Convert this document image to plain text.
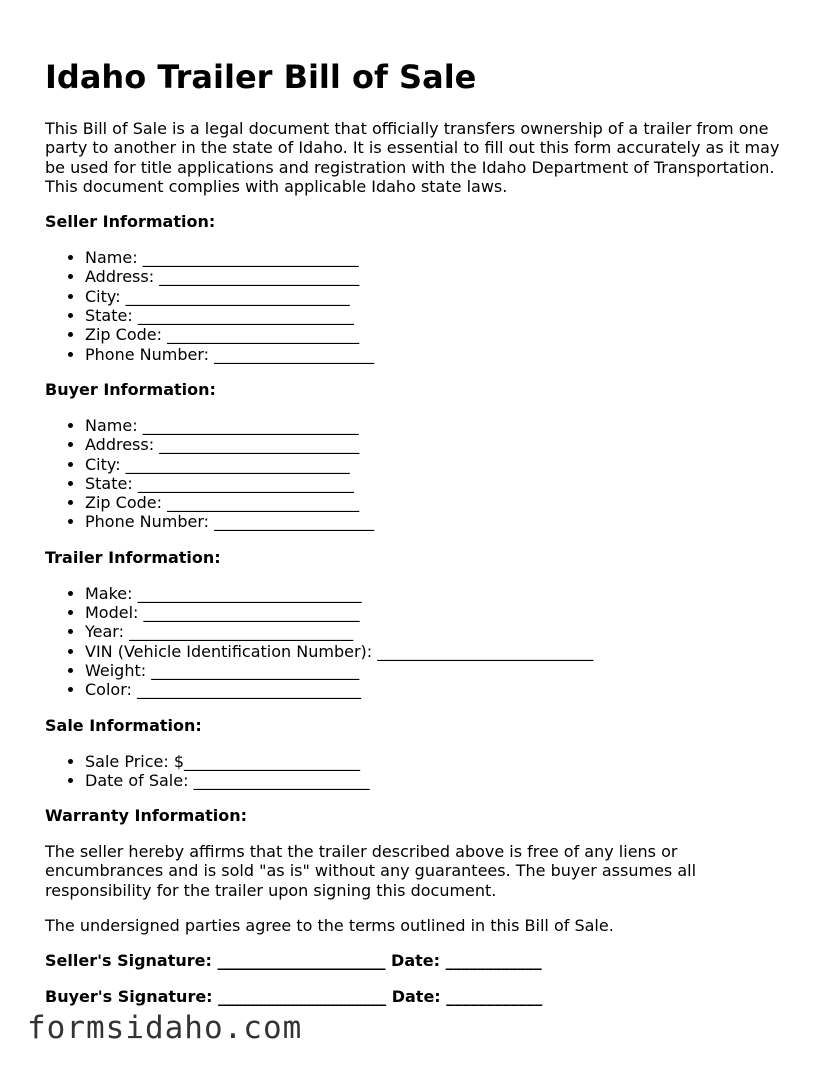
Idaho Trailer Bill of Sale

This Bill of Sale is a legal document that officially transfers ownership of a trailer from one party to another in the state of Idaho. It is essential to fill out this form accurately as it may be used for title applications and registration with the Idaho Department of Transportation. This document complies with applicable Idaho state laws.

Seller Information:
• Name: ___________________________
• Address: _________________________
• City: ____________________________
• State: ___________________________
• Zip Code: ________________________
• Phone Number: ____________________
Buyer Information:
• Name: ___________________________
• Address: _________________________
• City: ____________________________
• State: ___________________________
• Zip Code: ________________________
• Phone Number: ____________________
Trailer Information:
• Make: ____________________________
• Model: ___________________________
• Year: ____________________________
• VIN (Vehicle Identification Number): ___________________________
• Weight: __________________________
• Color: ____________________________
Sale Information:
• Sale Price: $______________________
• Date of Sale: ______________________
Warranty Information:

The seller hereby affirms that the trailer described above is free of any liens or encumbrances and is sold "as is" without any guarantees. The buyer assumes all responsibility for the trailer upon signing this document.

The undersigned parties agree to the terms outlined in this Bill of Sale.

Seller's Signature: _____________________ Date: ____________
Buyer's Signature: _____________________ Date: ____________
formsidaho.com
